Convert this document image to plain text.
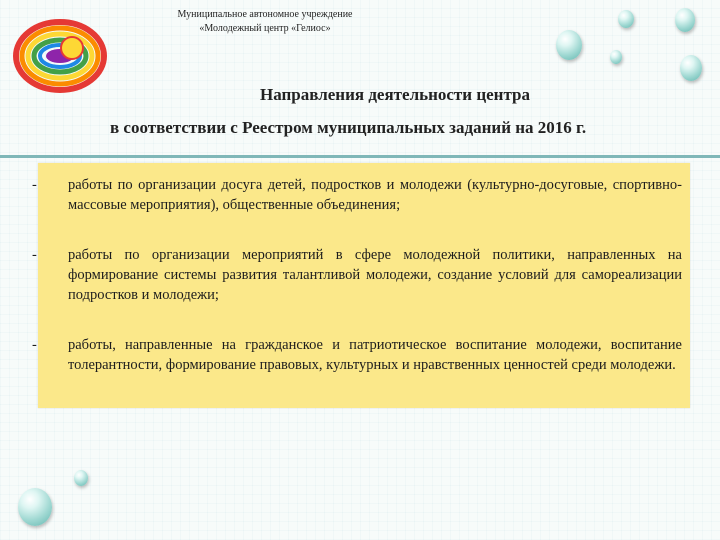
Муниципальное автономное учреждение
«Молодежный центр «Гелиос»
Направления деятельности центра
в соответствии с Реестром муниципальных заданий на 2016 г.
- работы по организации досуга детей, подростков и молодежи (культурно-досуговые, спортивно-массовые мероприятия), общественные объединения;
- работы по организации мероприятий в сфере молодежной политики, направленных на формирование системы развития талантливой молодежи, создание условий для самореализации подростков и молодежи;
- работы, направленные на гражданское и патриотическое воспитание молодежи, воспитание толерантности, формирование правовых, культурных и нравственных ценностей среди молодежи.
